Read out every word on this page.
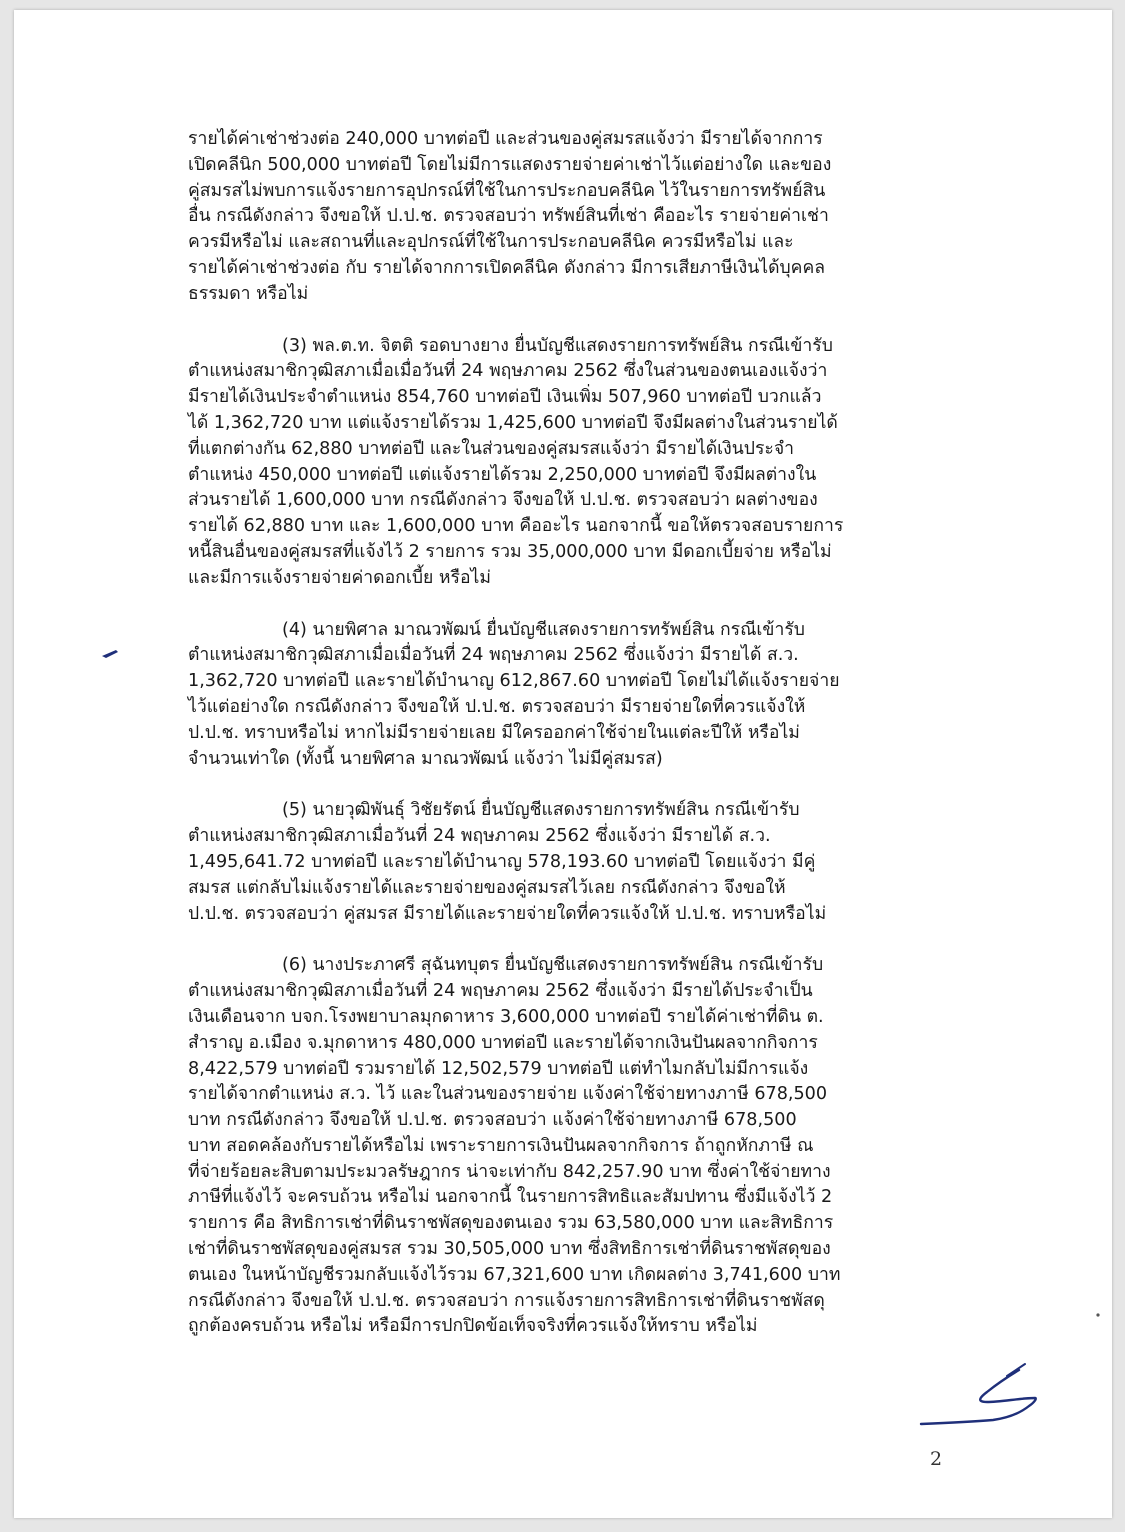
รายได้ค่าเช่าช่วงต่อ 240,000 บาทต่อปี และส่วนของคู่สมรสแจ้งว่า มีรายได้จากการ
เปิดคลีนิก 500,000 บาทต่อปี โดยไม่มีการแสดงรายจ่ายค่าเช่าไว้แต่อย่างใด และของ
คู่สมรสไม่พบการแจ้งรายการอุปกรณ์ที่ใช้ในการประกอบคลีนิค ไว้ในรายการทรัพย์สิน
อื่น กรณีดังกล่าว จึงขอให้ ป.ป.ช. ตรวจสอบว่า ทรัพย์สินที่เช่า คืออะไร รายจ่ายค่าเช่า
ควรมีหรือไม่ และสถานที่และอุปกรณ์ที่ใช้ในการประกอบคลีนิค ควรมีหรือไม่ และ
รายได้ค่าเช่าช่วงต่อ กับ รายได้จากการเปิดคลีนิค ดังกล่าว มีการเสียภาษีเงินได้บุคคล
ธรรมดา หรือไม่

(3) พล.ต.ท. จิตติ รอดบางยาง ยื่นบัญชีแสดงรายการทรัพย์สิน กรณีเข้ารับ
ตำแหน่งสมาชิกวุฒิสภาเมื่อเมื่อวันที่ 24 พฤษภาคม 2562 ซึ่งในส่วนของตนเองแจ้งว่า
มีรายได้เงินประจำตำแหน่ง 854,760 บาทต่อปี เงินเพิ่ม 507,960 บาทต่อปี บวกแล้ว
ได้ 1,362,720 บาท แต่แจ้งรายได้รวม 1,425,600 บาทต่อปี จึงมีผลต่างในส่วนรายได้
ที่แตกต่างกัน 62,880 บาทต่อปี และในส่วนของคู่สมรสแจ้งว่า มีรายได้เงินประจำ
ตำแหน่ง 450,000 บาทต่อปี แต่แจ้งรายได้รวม 2,250,000 บาทต่อปี จึงมีผลต่างใน
ส่วนรายได้ 1,600,000 บาท กรณีดังกล่าว จึงขอให้ ป.ป.ช. ตรวจสอบว่า ผลต่างของ
รายได้ 62,880 บาท และ 1,600,000 บาท คืออะไร นอกจากนี้ ขอให้ตรวจสอบรายการ
หนี้สินอื่นของคู่สมรสที่แจ้งไว้ 2 รายการ รวม 35,000,000 บาท มีดอกเบี้ยจ่าย หรือไม่
และมีการแจ้งรายจ่ายค่าดอกเบี้ย หรือไม่

(4) นายพิศาล มาณวพัฒน์ ยื่นบัญชีแสดงรายการทรัพย์สิน กรณีเข้ารับ
ตำแหน่งสมาชิกวุฒิสภาเมื่อเมื่อวันที่ 24 พฤษภาคม 2562 ซึ่งแจ้งว่า มีรายได้ ส.ว.
1,362,720 บาทต่อปี และรายได้บำนาญ 612,867.60 บาทต่อปี โดยไม่ได้แจ้งรายจ่าย
ไว้แต่อย่างใด กรณีดังกล่าว จึงขอให้ ป.ป.ช. ตรวจสอบว่า มีรายจ่ายใดที่ควรแจ้งให้
ป.ป.ช. ทราบหรือไม่ หากไม่มีรายจ่ายเลย มีใครออกค่าใช้จ่ายในแต่ละปีให้ หรือไม่
จำนวนเท่าใด (ทั้งนี้ นายพิศาล มาณวพัฒน์ แจ้งว่า ไม่มีคู่สมรส)

(5) นายวุฒิพันธุ์ วิชัยรัตน์ ยื่นบัญชีแสดงรายการทรัพย์สิน กรณีเข้ารับ
ตำแหน่งสมาชิกวุฒิสภาเมื่อวันที่ 24 พฤษภาคม 2562 ซึ่งแจ้งว่า มีรายได้ ส.ว.
1,495,641.72 บาทต่อปี และรายได้บำนาญ 578,193.60 บาทต่อปี โดยแจ้งว่า มีคู่
สมรส แต่กลับไม่แจ้งรายได้และรายจ่ายของคู่สมรสไว้เลย กรณีดังกล่าว จึงขอให้
ป.ป.ช. ตรวจสอบว่า คู่สมรส มีรายได้และรายจ่ายใดที่ควรแจ้งให้ ป.ป.ช. ทราบหรือไม่

(6) นางประภาศรี สุฉันทบุตร ยื่นบัญชีแสดงรายการทรัพย์สิน กรณีเข้ารับ
ตำแหน่งสมาชิกวุฒิสภาเมื่อวันที่ 24 พฤษภาคม 2562 ซึ่งแจ้งว่า มีรายได้ประจำเป็น
เงินเดือนจาก บจก.โรงพยาบาลมุกดาหาร 3,600,000 บาทต่อปี รายได้ค่าเช่าที่ดิน ต.
สำราญ อ.เมือง จ.มุกดาหาร 480,000 บาทต่อปี และรายได้จากเงินปันผลจากกิจการ
8,422,579 บาทต่อปี รวมรายได้ 12,502,579 บาทต่อปี แต่ทำไมกลับไม่มีการแจ้ง
รายได้จากตำแหน่ง ส.ว. ไว้ และในส่วนของรายจ่าย แจ้งค่าใช้จ่ายทางภาษี 678,500
บาท กรณีดังกล่าว จึงขอให้ ป.ป.ช. ตรวจสอบว่า แจ้งค่าใช้จ่ายทางภาษี 678,500
บาท สอดคล้องกับรายได้หรือไม่ เพราะรายการเงินปันผลจากกิจการ ถ้าถูกหักภาษี ณ
ที่จ่ายร้อยละสิบตามประมวลรัษฎากร น่าจะเท่ากับ 842,257.90 บาท ซึ่งค่าใช้จ่ายทาง
ภาษีที่แจ้งไว้ จะครบถ้วน หรือไม่ นอกจากนี้ ในรายการสิทธิและสัมปทาน ซึ่งมีแจ้งไว้ 2
รายการ คือ สิทธิการเช่าที่ดินราชพัสดุของตนเอง รวม 63,580,000 บาท และสิทธิการ
เช่าที่ดินราชพัสดุของคู่สมรส รวม 30,505,000 บาท ซึ่งสิทธิการเช่าที่ดินราชพัสดุของ
ตนเอง ในหน้าบัญชีรวมกลับแจ้งไว้รวม 67,321,600 บาท เกิดผลต่าง 3,741,600 บาท
กรณีดังกล่าว จึงขอให้ ป.ป.ช. ตรวจสอบว่า การแจ้งรายการสิทธิการเช่าที่ดินราชพัสดุ
ถูกต้องครบถ้วน หรือไม่ หรือมีการปกปิดข้อเท็จจริงที่ควรแจ้งให้ทราบ หรือไม่

2
